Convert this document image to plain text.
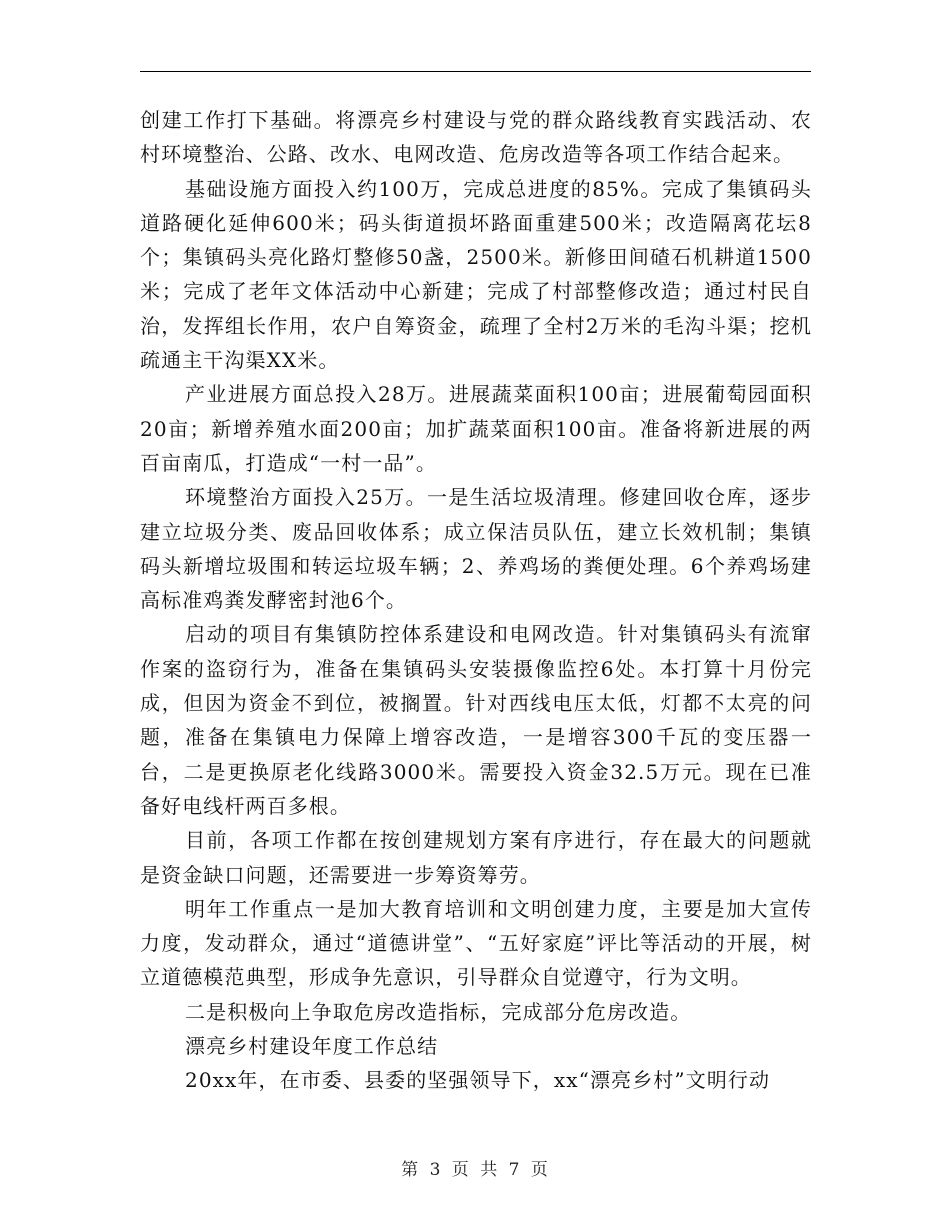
创建工作打下基础。将漂亮乡村建设与党的群众路线教育实践活动、农村环境整治、公路、改水、电网改造、危房改造等各项工作结合起来。

基础设施方面投入约100万，完成总进度的85%。完成了集镇码头道路硬化延伸600米；码头街道损坏路面重建500米；改造隔离花坛8个；集镇码头亮化路灯整修50盏，2500米。新修田间碴石机耕道1500米；完成了老年文体活动中心新建；完成了村部整修改造；通过村民自治，发挥组长作用，农户自筹资金，疏理了全村2万米的毛沟斗渠；挖机疏通主干沟渠XX米。

产业进展方面总投入28万。进展蔬菜面积100亩；进展葡萄园面积20亩；新增养殖水面200亩；加扩蔬菜面积100亩。准备将新进展的两百亩南瓜，打造成“一村一品”。

环境整治方面投入25万。一是生活垃圾清理。修建回收仓库，逐步建立垃圾分类、废品回收体系；成立保洁员队伍，建立长效机制；集镇码头新增垃圾围和转运垃圾车辆；2、养鸡场的粪便处理。6个养鸡场建高标准鸡粪发酵密封池6个。

启动的项目有集镇防控体系建设和电网改造。针对集镇码头有流窜作案的盗窃行为，准备在集镇码头安装摄像监控6处。本打算十月份完成，但因为资金不到位，被搁置。针对西线电压太低，灯都不太亮的问题，准备在集镇电力保障上增容改造，一是增容300千瓦的变压器一台，二是更换原老化线路3000米。需要投入资金32.5万元。现在已准备好电线杆两百多根。

目前，各项工作都在按创建规划方案有序进行，存在最大的问题就是资金缺口问题，还需要进一步筹资筹劳。

明年工作重点一是加大教育培训和文明创建力度，主要是加大宣传力度，发动群众，通过“道德讲堂”、“五好家庭”评比等活动的开展，树立道德模范典型，形成争先意识，引导群众自觉遵守，行为文明。

二是积极向上争取危房改造指标，完成部分危房改造。

漂亮乡村建设年度工作总结

20xx年，在市委、县委的坚强领导下，xx“漂亮乡村”文明行动

第 3 页 共 7 页
